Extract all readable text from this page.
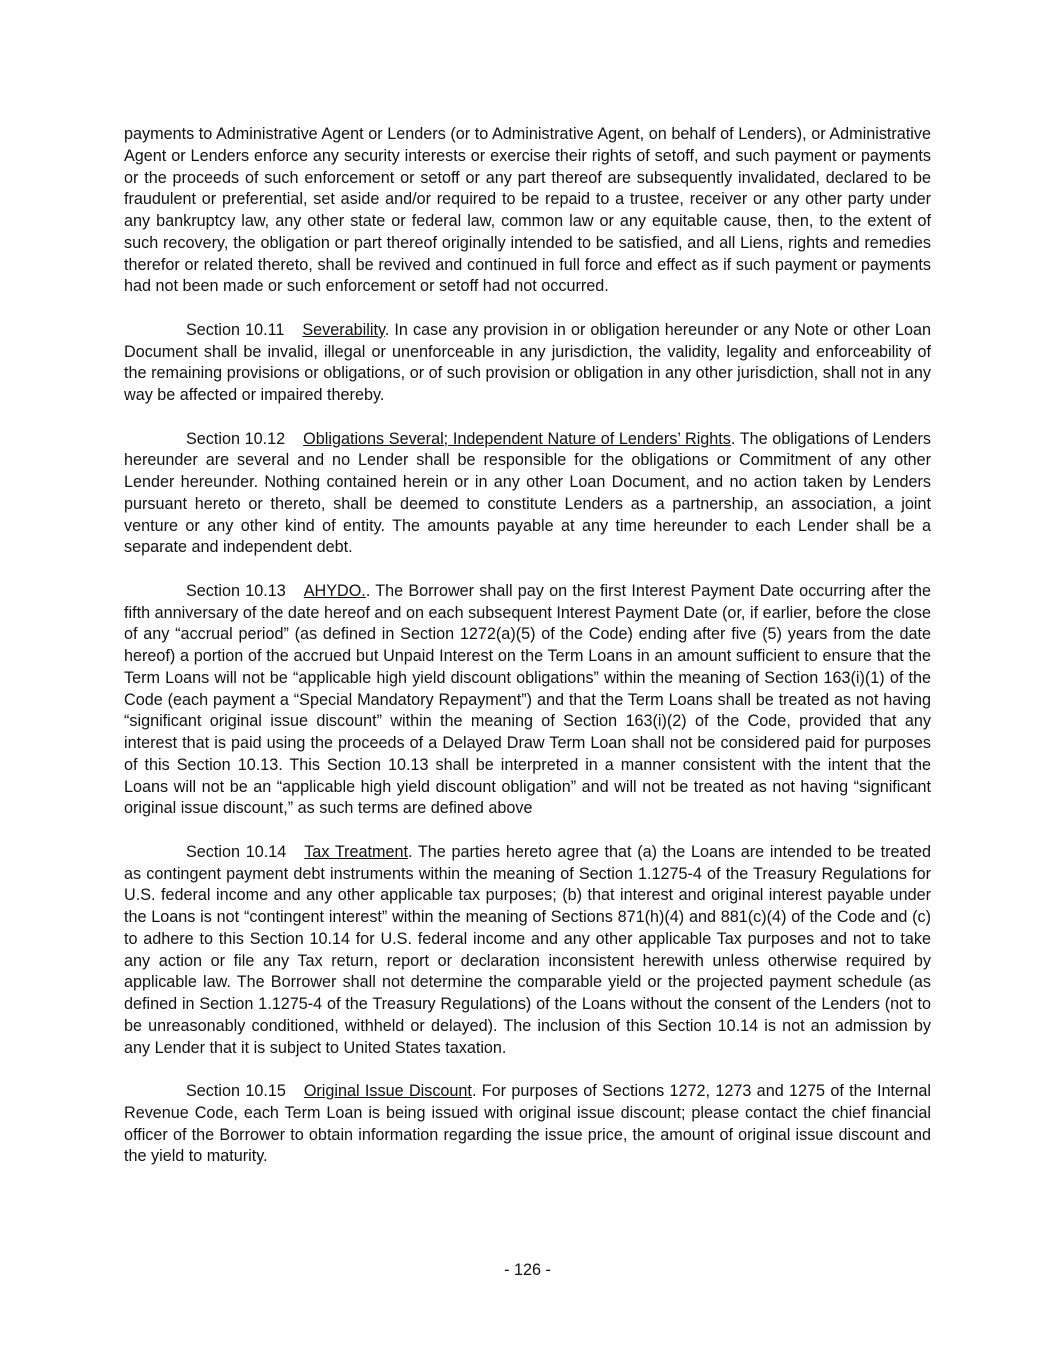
payments to Administrative Agent or Lenders (or to Administrative Agent, on behalf of Lenders), or Administrative Agent or Lenders enforce any security interests or exercise their rights of setoff, and such payment or payments or the proceeds of such enforcement or setoff or any part thereof are subsequently invalidated, declared to be fraudulent or preferential, set aside and/or required to be repaid to a trustee, receiver or any other party under any bankruptcy law, any other state or federal law, common law or any equitable cause, then, to the extent of such recovery, the obligation or part thereof originally intended to be satisfied, and all Liens, rights and remedies therefor or related thereto, shall be revived and continued in full force and effect as if such payment or payments had not been made or such enforcement or setoff had not occurred.

Section 10.11 Severability. In case any provision in or obligation hereunder or any Note or other Loan Document shall be invalid, illegal or unenforceable in any jurisdiction, the validity, legality and enforceability of the remaining provisions or obligations, or of such provision or obligation in any other jurisdiction, shall not in any way be affected or impaired thereby.

Section 10.12 Obligations Several; Independent Nature of Lenders’ Rights. The obligations of Lenders hereunder are several and no Lender shall be responsible for the obligations or Commitment of any other Lender hereunder. Nothing contained herein or in any other Loan Document, and no action taken by Lenders pursuant hereto or thereto, shall be deemed to constitute Lenders as a partnership, an association, a joint venture or any other kind of entity. The amounts payable at any time hereunder to each Lender shall be a separate and independent debt.

Section 10.13 AHYDO.. The Borrower shall pay on the first Interest Payment Date occurring after the fifth anniversary of the date hereof and on each subsequent Interest Payment Date (or, if earlier, before the close of any “accrual period” (as defined in Section 1272(a)(5) of the Code) ending after five (5) years from the date hereof) a portion of the accrued but Unpaid Interest on the Term Loans in an amount sufficient to ensure that the Term Loans will not be “applicable high yield discount obligations” within the meaning of Section 163(i)(1) of the Code (each payment a “Special Mandatory Repayment”) and that the Term Loans shall be treated as not having “significant original issue discount” within the meaning of Section 163(i)(2) of the Code, provided that any interest that is paid using the proceeds of a Delayed Draw Term Loan shall not be considered paid for purposes of this Section 10.13. This Section 10.13 shall be interpreted in a manner consistent with the intent that the Loans will not be an “applicable high yield discount obligation” and will not be treated as not having “significant original issue discount,” as such terms are defined above

Section 10.14 Tax Treatment. The parties hereto agree that (a) the Loans are intended to be treated as contingent payment debt instruments within the meaning of Section 1.1275-4 of the Treasury Regulations for U.S. federal income and any other applicable tax purposes; (b) that interest and original interest payable under the Loans is not “contingent interest” within the meaning of Sections 871(h)(4) and 881(c)(4) of the Code and (c) to adhere to this Section 10.14 for U.S. federal income and any other applicable Tax purposes and not to take any action or file any Tax return, report or declaration inconsistent herewith unless otherwise required by applicable law. The Borrower shall not determine the comparable yield or the projected payment schedule (as defined in Section 1.1275-4 of the Treasury Regulations) of the Loans without the consent of the Lenders (not to be unreasonably conditioned, withheld or delayed). The inclusion of this Section 10.14 is not an admission by any Lender that it is subject to United States taxation.

Section 10.15 Original Issue Discount. For purposes of Sections 1272, 1273 and 1275 of the Internal Revenue Code, each Term Loan is being issued with original issue discount; please contact the chief financial officer of the Borrower to obtain information regarding the issue price, the amount of original issue discount and the yield to maturity.

- 126 -
